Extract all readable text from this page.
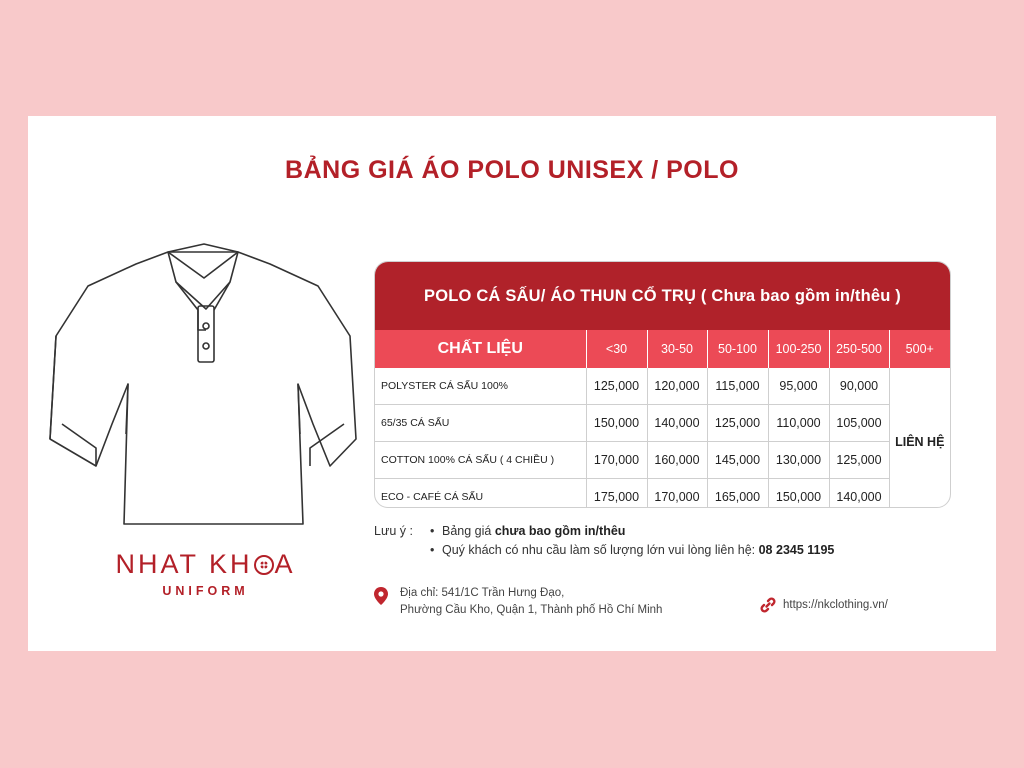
BẢNG GIÁ ÁO POLO UNISEX / POLO
NHAT KH A
UNIFORM
POLO CÁ SẤU/ ÁO THUN CỔ TRỤ ( Chưa bao gồm in/thêu )
CHẤT LIỆU	<30	30-50	50-100	100-250	250-500	500+
POLYSTER CÁ SẤU 100%	125,000	120,000	115,000	95,000	90,000	LIÊN HỆ
65/35 CÁ SẤU	150,000	140,000	125,000	110,000	105,000	
COTTON 100% CÁ SẤU ( 4 CHIỀU )	170,000	160,000	145,000	130,000	125,000	
ECO - CAFÉ CÁ SẤU	175,000	170,000	165,000	150,000	140,000	
Lưu ý :	• Bảng giá chưa bao gồm in/thêu
• Quý khách có nhu cầu làm số lượng lớn vui lòng liên hệ: 08 2345 1195
Địa chỉ: 541/1C Trần Hưng Đạo,
Phường Cầu Kho, Quận 1, Thành phố Hồ Chí Minh	https://nkclothing.vn/
